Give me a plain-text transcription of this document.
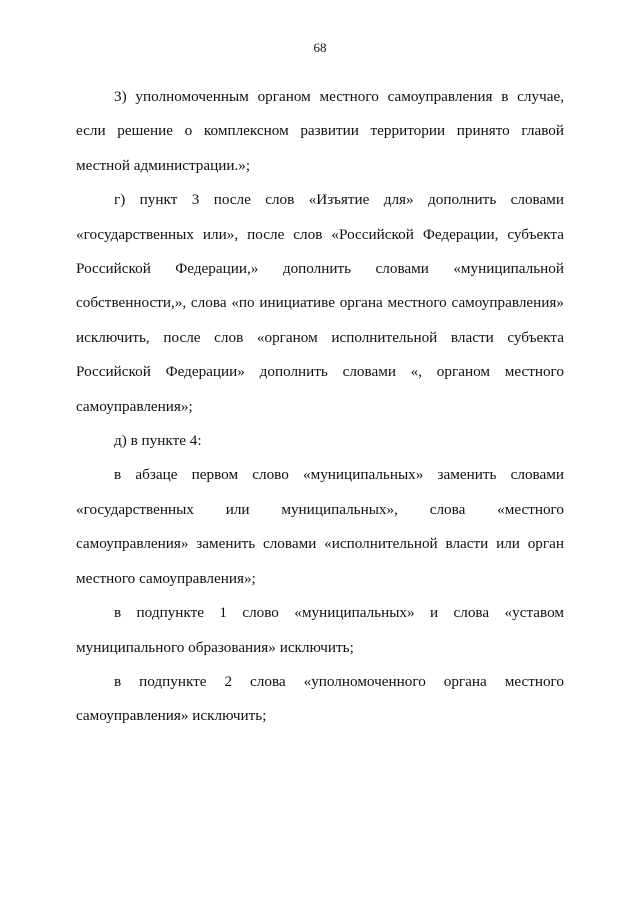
68

3) уполномоченным органом местного самоуправления в случае, если решение о комплексном развитии территории принято главой местной администрации.»;

г) пункт 3 после слов «Изъятие для» дополнить словами «государственных или», после слов «Российской Федерации, субъекта Российской Федерации,» дополнить словами «муниципальной собственности,», слова «по инициативе органа местного самоуправления» исключить, после слов «органом исполнительной власти субъекта Российской Федерации» дополнить словами «, органом местного самоуправления»;

д) в пункте 4:

в абзаце первом слово «муниципальных» заменить словами «государственных или муниципальных», слова «местного самоуправления» заменить словами «исполнительной власти или орган местного самоуправления»;

в подпункте 1 слово «муниципальных» и слова «уставом муниципального образования» исключить;

в подпункте 2 слова «уполномоченного органа местного самоуправления» исключить;
